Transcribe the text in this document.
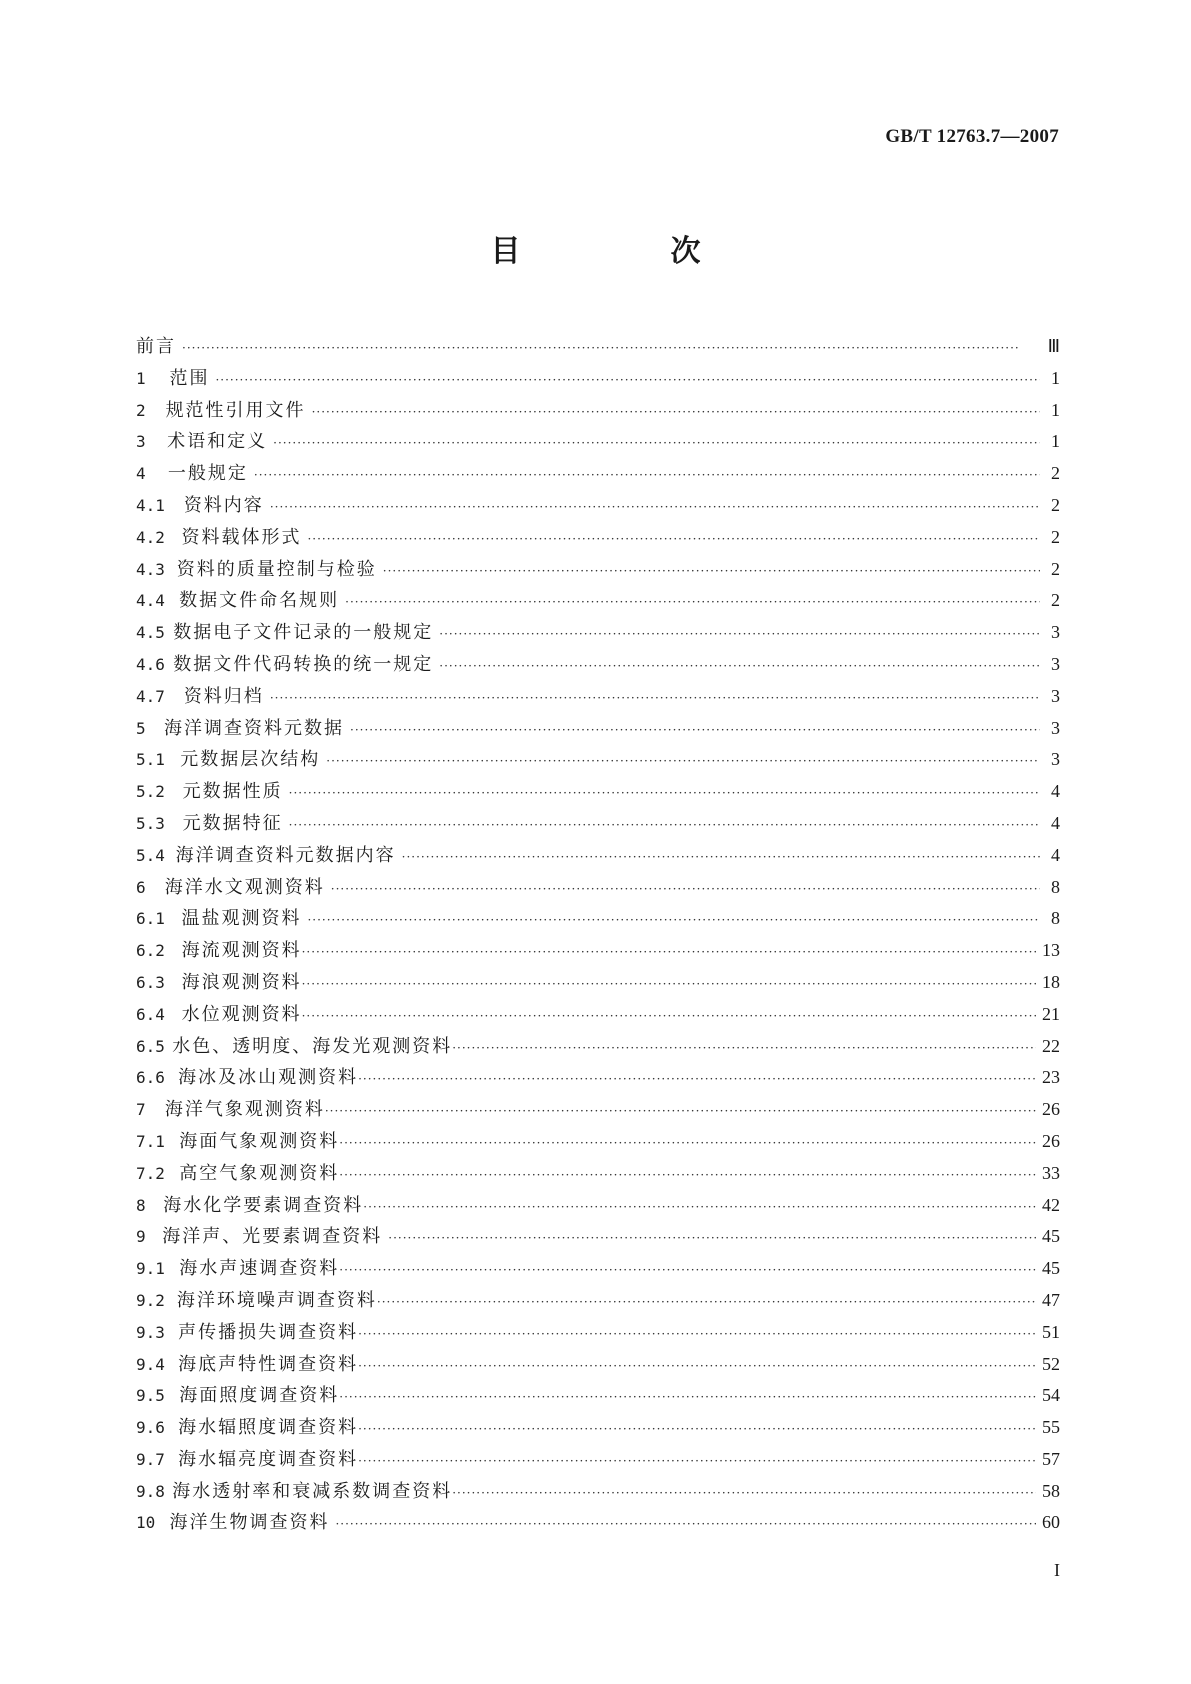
GB/T 12763.7—2007
目　次
前言 ·····	Ⅲ
1	范围 ·····	1
2	规范性引用文件 ·····	1
3	术语和定义 ·····	1
4	一般规定 ·····	2
4.1	资料内容 ·····	2
4.2 资料载体形式 ·····	2
4.3 资料的质量控制与检验 ·····	2
4.4 数据文件命名规则 ·····	2
4.5 数据电子文件记录的一般规定 ·····	3
4.6 数据文件代码转换的统一规定 ·····	3
4.7	资料归档 ·····	3
5	海洋调查资料元数据 ·····	3
5.1 元数据层次结构 ·····	3
5.2 元数据性质 ·····	4
5.3 元数据特征 ·····	4
5.4 海洋调查资料元数据内容 ·····	4
6	海洋水文观测资料 ·····	8
6.1 温盐观测资料 ·····	8
6.2 海流观测资料 ·····	13
6.3 海浪观测资料 ·····	18
6.4 水位观测资料 ·····	21
6.5 水色、透明度、海发光观测资料 ·····	22
6.6 海冰及冰山观测资料 ·····	23
7	海洋气象观测资料 ·····	26
7.1 海面气象观测资料 ·····	26
7.2 高空气象观测资料 ·····	33
8 海水化学要素调查资料 ·····	42
9 海洋声、光要素调查资料 ·····	45
9.1 海水声速调查资料 ·····	45
9.2 海洋环境噪声调查资料 ·····	47
9.3 声传播损失调查资料 ·····	51
9.4 海底声特性调查资料 ·····	52
9.5 海面照度调查资料 ·····	54
9.6 海水辐照度调查资料 ·····	55
9.7 海水辐亮度调查资料 ·····	57
9.8 海水透射率和衰减系数调查资料 ·····	58
10 海洋生物调查资料 ·····	60
I
